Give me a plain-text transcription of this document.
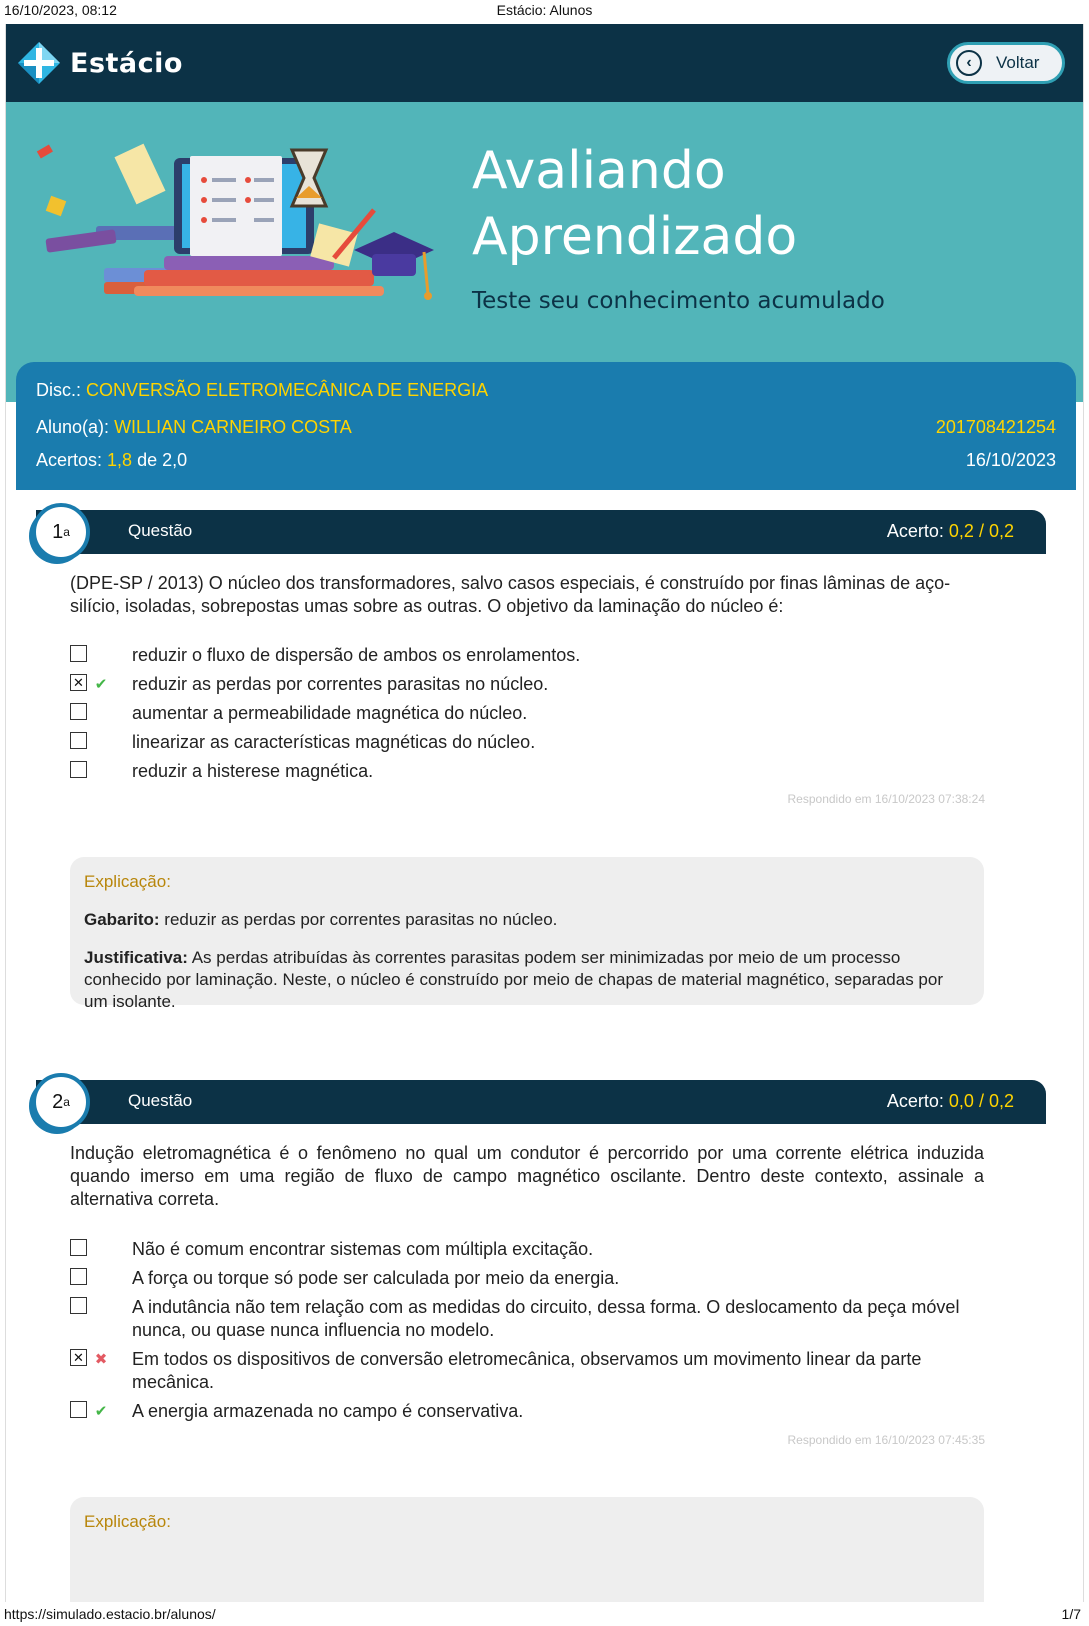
16/10/2023, 08:12	Estácio: Alunos
Estácio	‹	Voltar
Avaliando
Aprendizado
Teste seu conhecimento acumulado
Disc.: CONVERSÃO ELETROMECÂNICA DE ENERGIA
Aluno(a): WILLIAN CARNEIRO COSTA	201708421254
Acertos: 1,8 de 2,0	16/10/2023
Questão	Acerto: 0,2 / 0,2
1 a
(DPE-SP / 2013) O núcleo dos transformadores, salvo casos especiais, é construído por finas lâminas de aço-silício, isoladas, sobrepostas umas sobre as outras. O objetivo da laminação do núcleo é:
reduzir o fluxo de dispersão de ambos os enrolamentos.
✕ ✔ reduzir as perdas por correntes parasitas no núcleo.
aumentar a permeabilidade magnética do núcleo.
linearizar as características magnéticas do núcleo.
reduzir a histerese magnética.
Respondido em 16/10/2023 07:38:24
Explicação:
Gabarito: reduzir as perdas por correntes parasitas no núcleo.
Justificativa: As perdas atribuídas às correntes parasitas podem ser minimizadas por meio de um processo conhecido por laminação. Neste, o núcleo é construído por meio de chapas de material magnético, separadas por um isolante.
Questão	Acerto: 0,0 / 0,2
2 a
Indução eletromagnética é o fenômeno no qual um condutor é percorrido por uma corrente elétrica induzida quando imerso em uma região de fluxo de campo magnético oscilante. Dentro deste contexto, assinale a alternativa correta.
Não é comum encontrar sistemas com múltipla excitação.
A força ou torque só pode ser calculada por meio da energia.
A indutância não tem relação com as medidas do circuito, dessa forma. O deslocamento da peça móvel nunca, ou quase nunca influencia no modelo.
✕ ✖ Em todos os dispositivos de conversão eletromecânica, observamos um movimento linear da parte mecânica.
✔ A energia armazenada no campo é conservativa.
Respondido em 16/10/2023 07:45:35
Explicação:
https://simulado.estacio.br/alunos/	1/7
